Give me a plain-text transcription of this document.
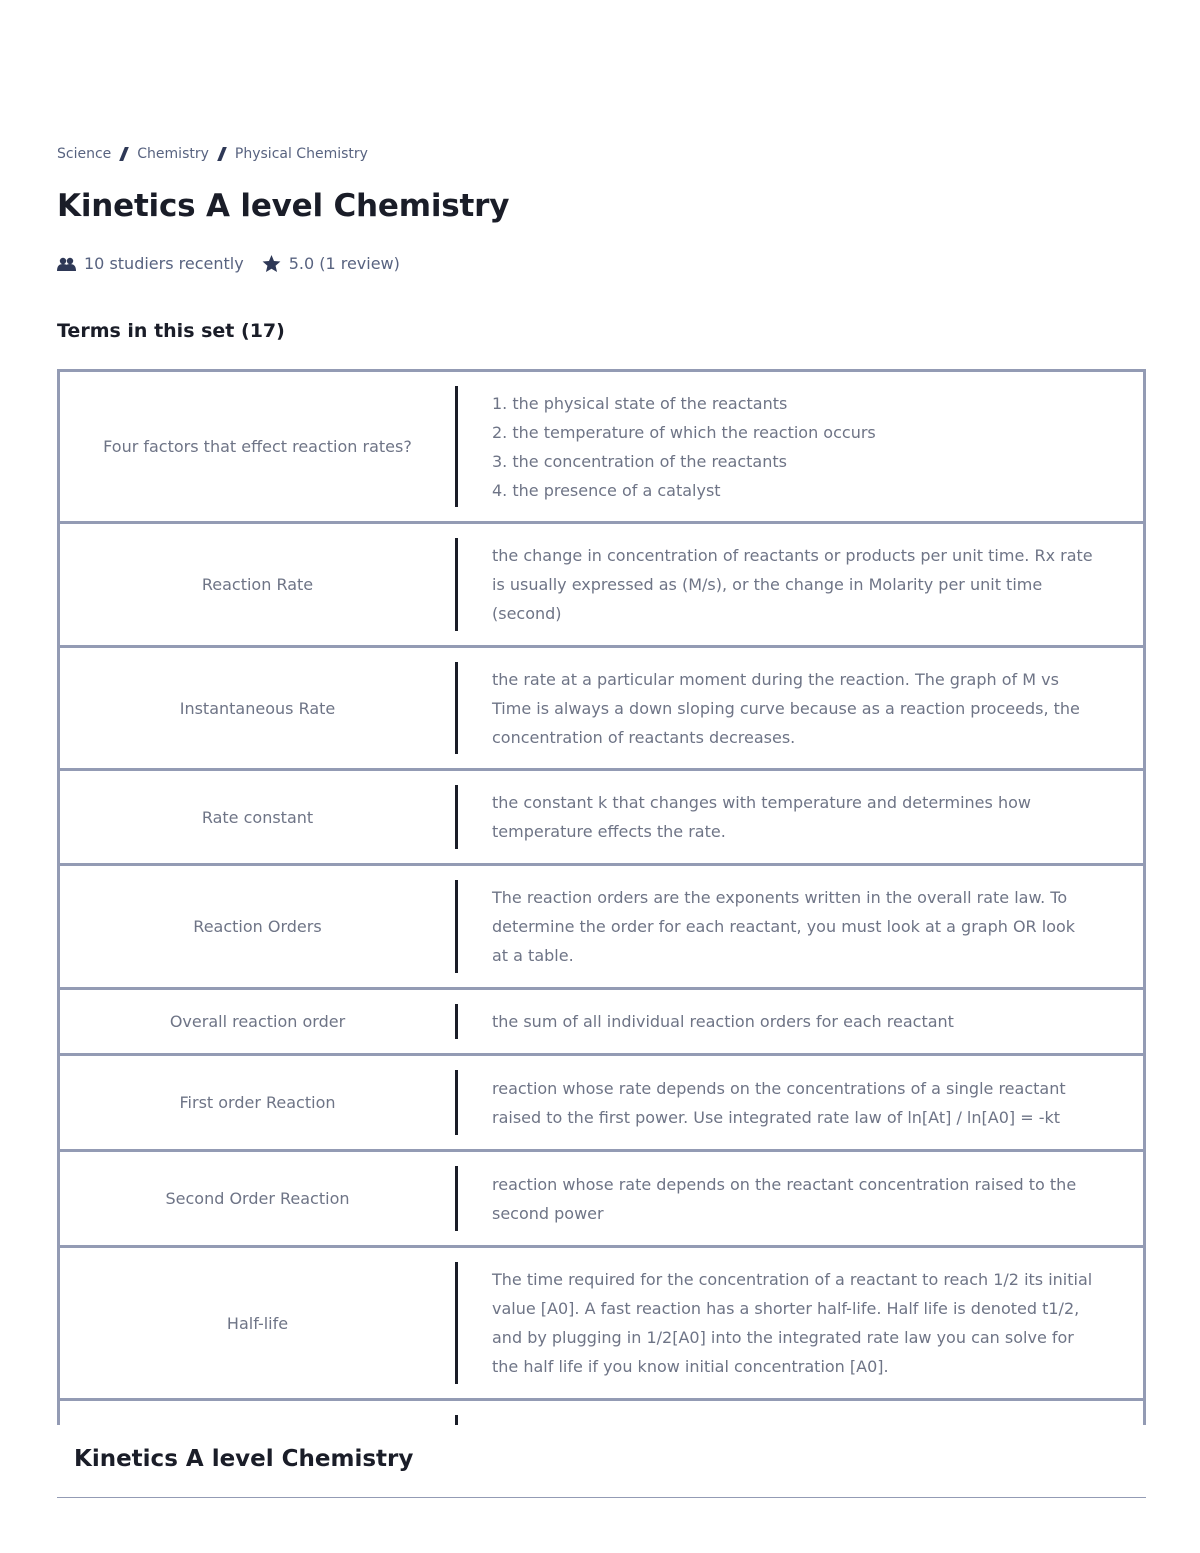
Science Chemistry Physical Chemistry
Kinetics A level Chemistry
10 studiers recently	5.0 (1 review)
Terms in this set (17)
Four factors that effect reaction rates?
1. the physical state of the reactants
2. the temperature of which the reaction occurs
3. the concentration of the reactants
4. the presence of a catalyst
Reaction Rate
the change in concentration of reactants or products per unit time. Rx rate is usually expressed as (M/s), or the change in Molarity per unit time (second)
Instantaneous Rate
the rate at a particular moment during the reaction. The graph of M vs Time is always a down sloping curve because as a reaction proceeds, the concentration of reactants decreases.
Rate constant
the constant k that changes with temperature and determines how temperature effects the rate.
Reaction Orders
The reaction orders are the exponents written in the overall rate law. To determine the order for each reactant, you must look at a graph OR look at a table.
Overall reaction order	the sum of all individual reaction orders for each reactant
First order Reaction
reaction whose rate depends on the concentrations of a single reactant raised to the first power. Use integrated rate law of ln[At] / ln[A0] = -kt
Second Order Reaction
reaction whose rate depends on the reactant concentration raised to the second power
Half-life
The time required for the concentration of a reactant to reach 1/2 its initial value [A0]. A fast reaction has a shorter half-life. Half life is denoted t1/2, and by plugging in 1/2[A0] into the integrated rate law you can solve for the half life if you know initial concentration [A0].
Kinetics A level Chemistry
